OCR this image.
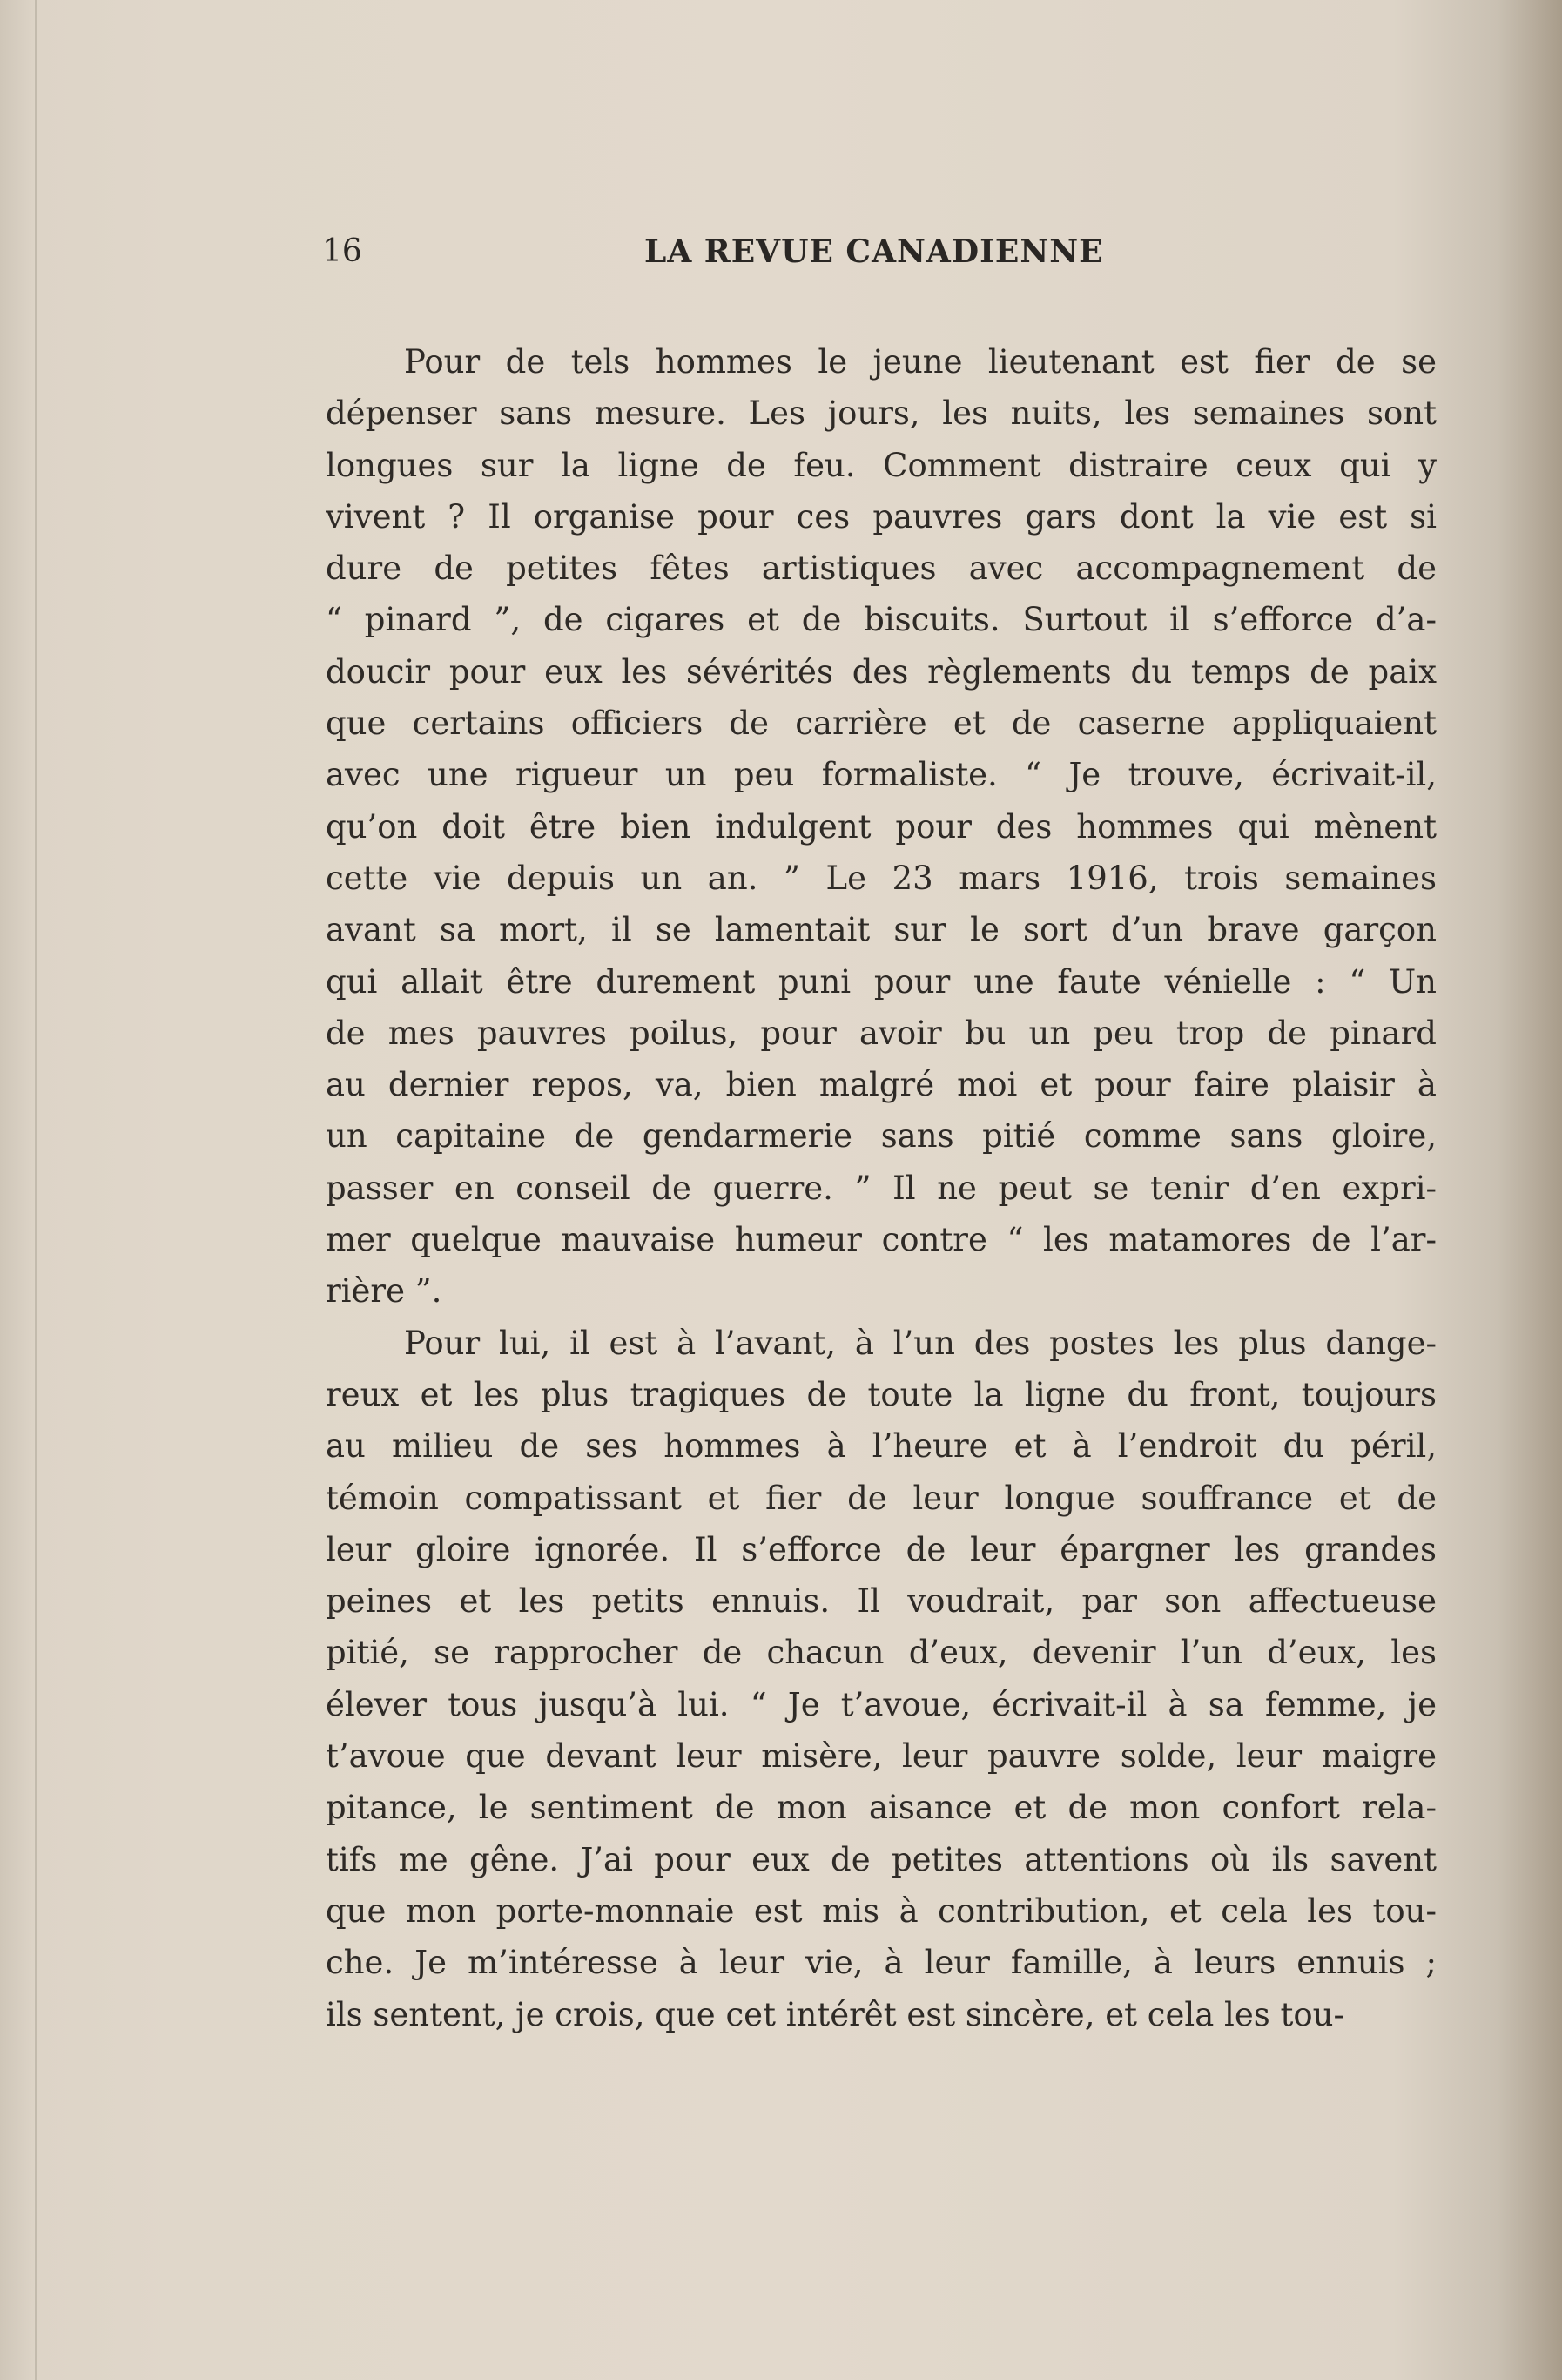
16	LA REVUE CANADIENNE
Pour de tels hommes le jeune lieutenant est fier de se
dépenser sans mesure. Les jours, les nuits, les semaines sont
longues sur la ligne de feu. Comment distraire ceux qui y
vivent ? Il organise pour ces pauvres gars dont la vie est si
dure de petites fêtes artistiques avec accompagnement de
“ pinard ”, de cigares et de biscuits. Surtout il s’efforce d’a-
doucir pour eux les sévérités des règlements du temps de paix
que certains officiers de carrière et de caserne appliquaient
avec une rigueur un peu formaliste. “ Je trouve, écrivait-il,
qu’on doit être bien indulgent pour des hommes qui mènent
cette vie depuis un an. ” Le 23 mars 1916, trois semaines
avant sa mort, il se lamentait sur le sort d’un brave garçon
qui allait être durement puni pour une faute vénielle : “ Un
de mes pauvres poilus, pour avoir bu un peu trop de pinard
au dernier repos, va, bien malgré moi et pour faire plaisir à
un capitaine de gendarmerie sans pitié comme sans gloire,
passer en conseil de guerre. ” Il ne peut se tenir d’en expri-
mer quelque mauvaise humeur contre “ les matamores de l’ar-
rière ”.
Pour lui, il est à l’avant, à l’un des postes les plus dange-
reux et les plus tragiques de toute la ligne du front, toujours
au milieu de ses hommes à l’heure et à l’endroit du péril,
témoin compatissant et fier de leur longue souffrance et de
leur gloire ignorée. Il s’efforce de leur épargner les grandes
peines et les petits ennuis. Il voudrait, par son affectueuse
pitié, se rapprocher de chacun d’eux, devenir l’un d’eux, les
élever tous jusqu’à lui. “ Je t’avoue, écrivait-il à sa femme, je
t’avoue que devant leur misère, leur pauvre solde, leur maigre
pitance, le sentiment de mon aisance et de mon confort rela-
tifs me gêne. J’ai pour eux de petites attentions où ils savent
que mon porte-monnaie est mis à contribution, et cela les tou-
che. Je m’intéresse à leur vie, à leur famille, à leurs ennuis ;
ils sentent, je crois, que cet intérêt est sincère, et cela les tou-
